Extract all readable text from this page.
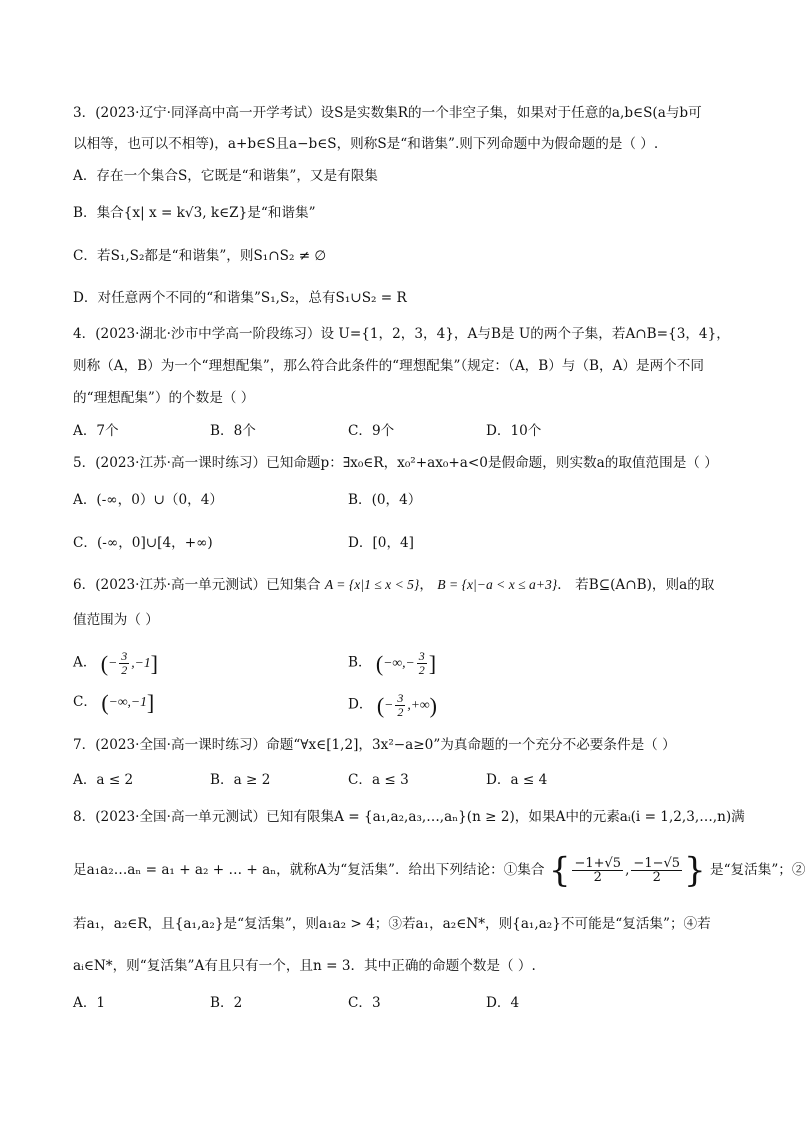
3．(2023·辽宁·同泽高中高一开学考试）设S是实数集R的一个非空子集，如果对于任意的a,b∈S(a与b可
以相等，也可以不相等)，a+b∈S且a−b∈S，则称S是“和谐集”.则下列命题中为假命题的是（ ）.
A．存在一个集合S，它既是“和谐集”，又是有限集
B．集合{x| x = k√3, k∈Z}是“和谐集”
C．若S₁,S₂都是“和谐集”，则S₁∩S₂ ≠ ∅
D．对任意两个不同的“和谐集”S₁,S₂，总有S₁∪S₂ = R
4．(2023·湖北·沙市中学高一阶段练习）设 U={1，2，3，4}，A与B是 U的两个子集，若A∩B={3，4}，
则称（A，B）为一个“理想配集”，那么符合此条件的“理想配集”（规定：（A，B）与（B，A）是两个不同
的“理想配集”）的个数是（ ）
A．7个	B．8个	C．9个	D．10个
5．(2023·江苏·高一课时练习）已知命题p：∃x₀∈R，x₀²+ax₀+a<0是假命题，则实数a的取值范围是（ ）
A．(-∞，0）∪（0，4）	B．(0，4）
C．(-∞，0]∪[4，+∞)	D．[0，4]
6．(2023·江苏·高一单元测试）已知集合 A = {x|1 ≤ x < 5}， B = {x|−a < x ≤ a+3}． 若B⊆(A∩B)，则a的取
值范围为（ ）
A． (− $\frac{3}{2} ,-1$]	B． (−∞,− $\frac{3}{2}$ ]
C． (−∞,−1]	D． (− $\frac{3}{2}$ ,+∞)
7．(2023·全国·高一课时练习）命题“∀x∈[1,2]，3x²−a≥0”为真命题的一个充分不必要条件是（ ）
A．a ≤ 2	B．a ≥ 2	C．a ≤ 3	D．a ≤ 4
8．(2023·全国·高一单元测试）已知有限集A = {a₁,a₂,a₃,…,aₙ}(n ≥ 2)，如果A中的元素aᵢ(i = 1,2,3,…,n)满
足a₁a₂…aₙ = a₁ + a₂ + … + aₙ，就称A为“复活集”．给出下列结论：①集合 { $\frac{-1+√5}{2}$ , $\frac{-1-√5}{2}$ } 是“复活集”；②
若a₁，a₂∈R，且{a₁,a₂}是“复活集”，则a₁a₂ > 4；③若a₁，a₂∈N*，则{a₁,a₂}不可能是“复活集”；④若
aᵢ∈N*，则“复活集”A有且只有一个，且n = 3．其中正确的命题个数是（ ）.
A．1	B．2	C．3	D．4
